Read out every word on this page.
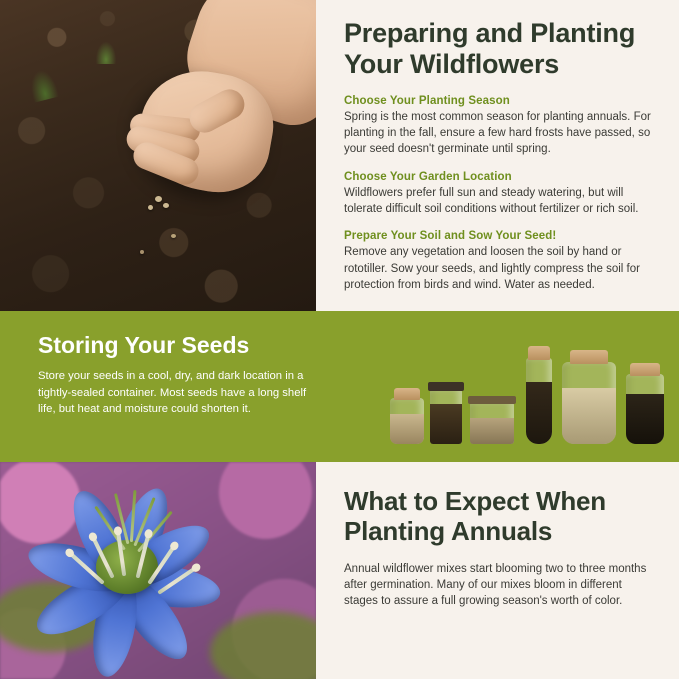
Preparing and Planting Your Wildflowers

Choose Your Planting Season

Spring is the most common season for planting annuals. For planting in the fall, ensure a few hard frosts have passed, so your seed doesn't germinate until spring.

Choose Your Garden Location

Wildflowers prefer full sun and steady watering, but will tolerate difficult soil conditions without fertilizer or rich soil.

Prepare Your Soil and Sow Your Seed!

Remove any vegetation and loosen the soil by hand or rototiller. Sow your seeds, and lightly compress the soil for protection from birds and wind. Water as needed.

Storing Your Seeds

Store your seeds in a cool, dry, and dark location in a tightly-sealed container. Most seeds have a long shelf life, but heat and moisture could shorten it.

What to Expect When Planting Annuals

Annual wildflower mixes start blooming two to three months after germination. Many of our mixes bloom in different stages to assure a full growing season's worth of color.
